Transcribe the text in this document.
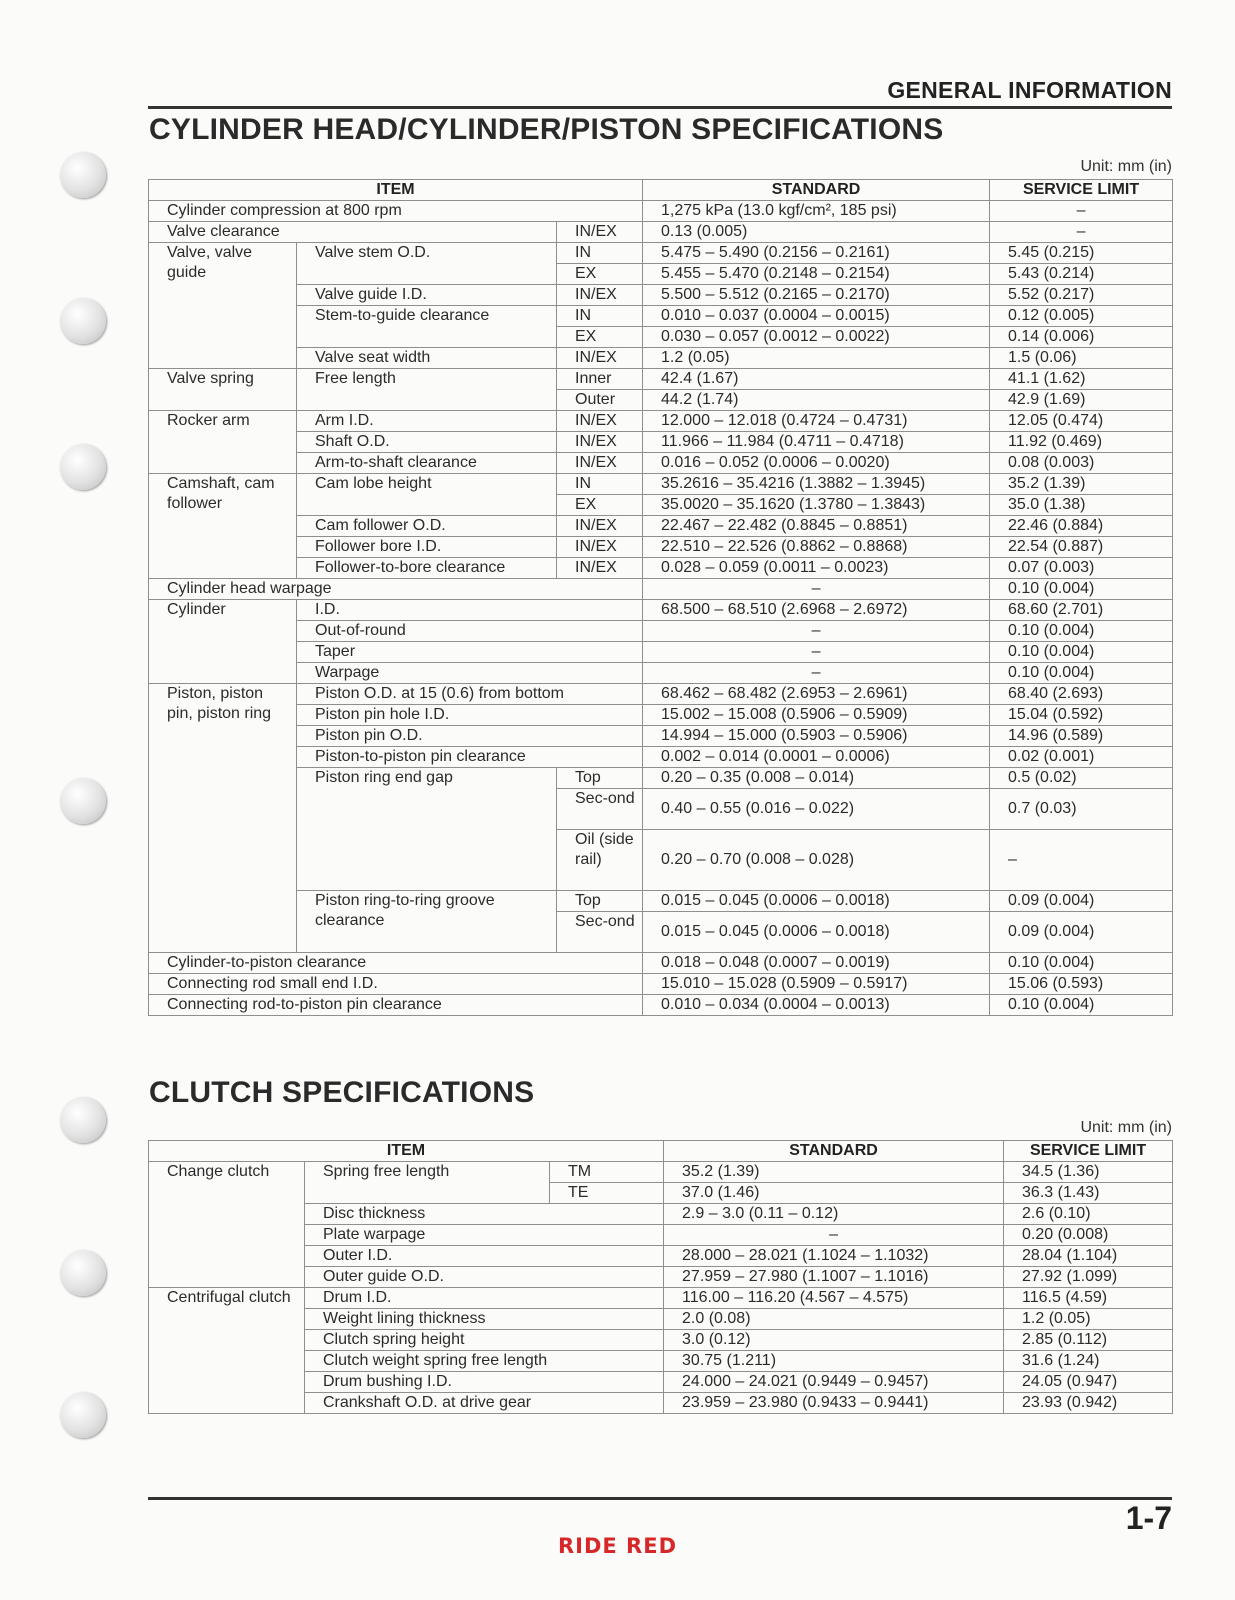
GENERAL INFORMATION
CYLINDER HEAD/CYLINDER/PISTON SPECIFICATIONS
Unit: mm (in)
ITEM			STANDARD	SERVICE LIMIT
Cylinder compression at 800 rpm			1,275 kPa (13.0 kgf/cm², 185 psi)	–
Valve clearance		IN/EX	0.13 (0.005)	–
Valve, valve guide	Valve stem O.D.	IN	5.475 – 5.490 (0.2156 – 0.2161)	5.45 (0.215)
		EX	5.455 – 5.470 (0.2148 – 0.2154)	5.43 (0.214)
	Valve guide I.D.	IN/EX	5.500 – 5.512 (0.2165 – 0.2170)	5.52 (0.217)
	Stem-to-guide clearance	IN	0.010 – 0.037 (0.0004 – 0.0015)	0.12 (0.005)
		EX	0.030 – 0.057 (0.0012 – 0.0022)	0.14 (0.006)
	Valve seat width	IN/EX	1.2 (0.05)	1.5 (0.06)
Valve spring	Free length	Inner	42.4 (1.67)	41.1 (1.62)
		Outer	44.2 (1.74)	42.9 (1.69)
Rocker arm	Arm I.D.	IN/EX	12.000 – 12.018 (0.4724 – 0.4731)	12.05 (0.474)
	Shaft O.D.	IN/EX	11.966 – 11.984 (0.4711 – 0.4718)	11.92 (0.469)
	Arm-to-shaft clearance	IN/EX	0.016 – 0.052 (0.0006 – 0.0020)	0.08 (0.003)
Camshaft, cam follower	Cam lobe height	IN	35.2616 – 35.4216 (1.3882 – 1.3945)	35.2 (1.39)
		EX	35.0020 – 35.1620 (1.3780 – 1.3843)	35.0 (1.38)
	Cam follower O.D.	IN/EX	22.467 – 22.482 (0.8845 – 0.8851)	22.46 (0.884)
	Follower bore I.D.	IN/EX	22.510 – 22.526 (0.8862 – 0.8868)	22.54 (0.887)
	Follower-to-bore clearance	IN/EX	0.028 – 0.059 (0.0011 – 0.0023)	0.07 (0.003)
Cylinder head warpage			–	0.10 (0.004)
Cylinder	I.D.		68.500 – 68.510 (2.6968 – 2.6972)	68.60 (2.701)
	Out-of-round		–	0.10 (0.004)
	Taper		–	0.10 (0.004)
	Warpage		–	0.10 (0.004)
Piston, piston pin, piston ring	Piston O.D. at 15 (0.6) from bottom		68.462 – 68.482 (2.6953 – 2.6961)	68.40 (2.693)
	Piston pin hole I.D.		15.002 – 15.008 (0.5906 – 0.5909)	15.04 (0.592)
	Piston pin O.D.		14.994 – 15.000 (0.5903 – 0.5906)	14.96 (0.589)
	Piston-to-piston pin clearance		0.002 – 0.014 (0.0001 – 0.0006)	0.02 (0.001)
	Piston ring end gap	Top	0.20 – 0.35 (0.008 – 0.014)	0.5 (0.02)
		Sec-ond	0.40 – 0.55 (0.016 – 0.022)	0.7 (0.03)
		Oil (side rail)	0.20 – 0.70 (0.008 – 0.028)	–
	Piston ring-to-ring groove clearance	Top	0.015 – 0.045 (0.0006 – 0.0018)	0.09 (0.004)
		Sec-ond	0.015 – 0.045 (0.0006 – 0.0018)	0.09 (0.004)
Cylinder-to-piston clearance			0.018 – 0.048 (0.0007 – 0.0019)	0.10 (0.004)
Connecting rod small end I.D.			15.010 – 15.028 (0.5909 – 0.5917)	15.06 (0.593)
Connecting rod-to-piston pin clearance			0.010 – 0.034 (0.0004 – 0.0013)	0.10 (0.004)
CLUTCH SPECIFICATIONS
Unit: mm (in)
ITEM			STANDARD	SERVICE LIMIT
Change clutch	Spring free length	TM	35.2 (1.39)	34.5 (1.36)
		TE	37.0 (1.46)	36.3 (1.43)
	Disc thickness		2.9 – 3.0 (0.11 – 0.12)	2.6 (0.10)
	Plate warpage		–	0.20 (0.008)
	Outer I.D.		28.000 – 28.021 (1.1024 – 1.1032)	28.04 (1.104)
	Outer guide O.D.		27.959 – 27.980 (1.1007 – 1.1016)	27.92 (1.099)
Centrifugal clutch	Drum I.D.		116.00 – 116.20 (4.567 – 4.575)	116.5 (4.59)
	Weight lining thickness		2.0 (0.08)	1.2 (0.05)
	Clutch spring height		3.0 (0.12)	2.85 (0.112)
	Clutch weight spring free length		30.75 (1.211)	31.6 (1.24)
	Drum bushing I.D.		24.000 – 24.021 (0.9449 – 0.9457)	24.05 (0.947)
	Crankshaft O.D. at drive gear		23.959 – 23.980 (0.9433 – 0.9441)	23.93 (0.942)
1-7
RIDE RED
